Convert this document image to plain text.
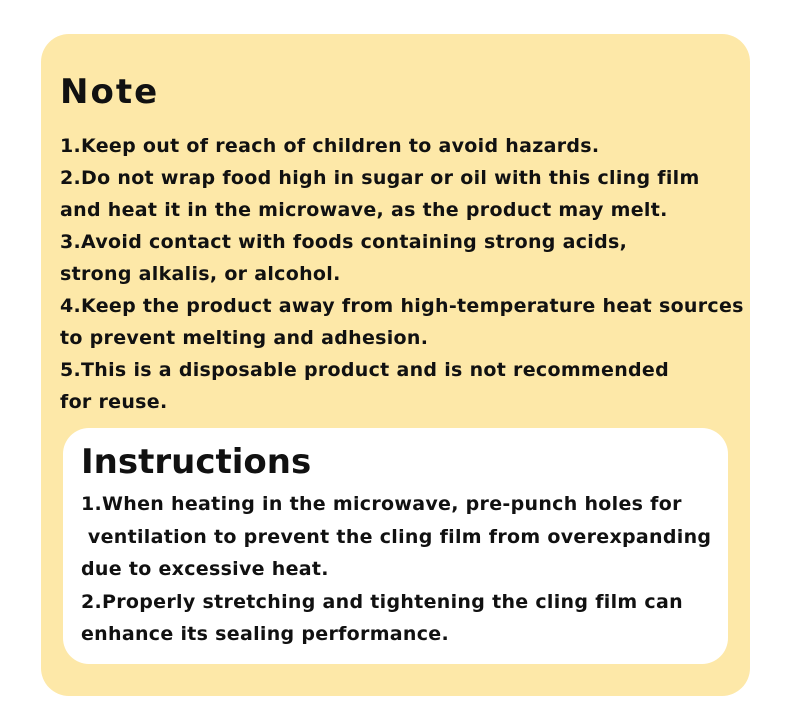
Note
1.Keep out of reach of children to avoid hazards.
2.Do not wrap food high in sugar or oil with this cling film
and heat it in the microwave, as the product may melt.
3.Avoid contact with foods containing strong acids,
strong alkalis, or alcohol.
4.Keep the product away from high-temperature heat sources
to prevent melting and adhesion.
5.This is a disposable product and is not recommended
for reuse.
Instructions
1.When heating in the microwave, pre-punch holes for
ventilation to prevent the cling film from overexpanding
due to excessive heat.
2.Properly stretching and tightening the cling film can
enhance its sealing performance.
